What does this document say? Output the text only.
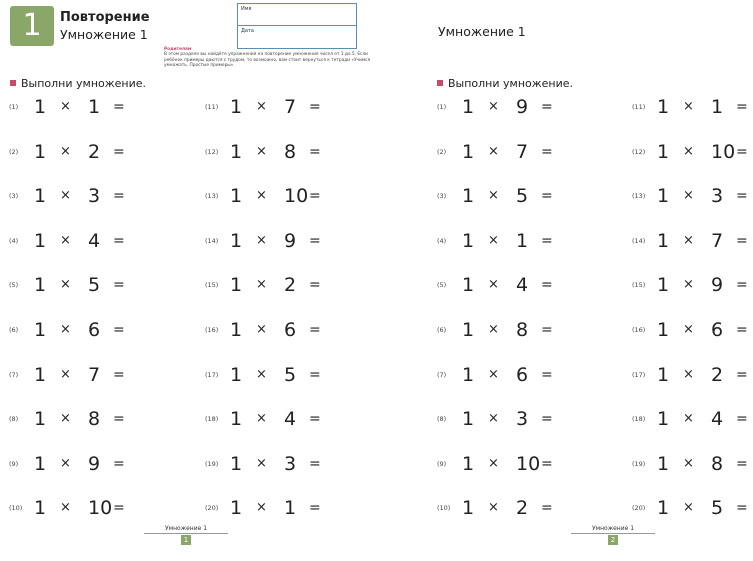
1	Повторение
Умножение 1
Имя
Дата
Родителям
В этом разделе вы найдёте упражнения на повторение умножения чисел от 1 до 5. Если ребёнок примеры даются с трудом, то возможно, вам стоит вернуться к тетради «Учимся умножать. Простые примеры».
Выполни умножение.
(1) 1 × 1 =
(2) 1 × 2 =
(3) 1 × 3 =
(4) 1 × 4 =
(5) 1 × 5 =
(6) 1 × 6 =
(7) 1 × 7 =
(8) 1 × 8 =
(9) 1 × 9 =
(10) 1 × 10 =
(11) 1 × 7 =
(12) 1 × 8 =
(13) 1 × 10 =
(14) 1 × 9 =
(15) 1 × 2 =
(16) 1 × 6 =
(17) 1 × 5 =
(18) 1 × 4 =
(19) 1 × 3 =
(20) 1 × 1 =
Умножение 1
1
Умножение 1
Выполни умножение.
(1) 1 × 9 =
(2) 1 × 7 =
(3) 1 × 5 =
(4) 1 × 1 =
(5) 1 × 4 =
(6) 1 × 8 =
(7) 1 × 6 =
(8) 1 × 3 =
(9) 1 × 10 =
(10) 1 × 2 =
(11) 1 × 1 =
(12) 1 × 10 =
(13) 1 × 3 =
(14) 1 × 7 =
(15) 1 × 9 =
(16) 1 × 6 =
(17) 1 × 2 =
(18) 1 × 4 =
(19) 1 × 8 =
(20) 1 × 5 =
Умножение 1
2
